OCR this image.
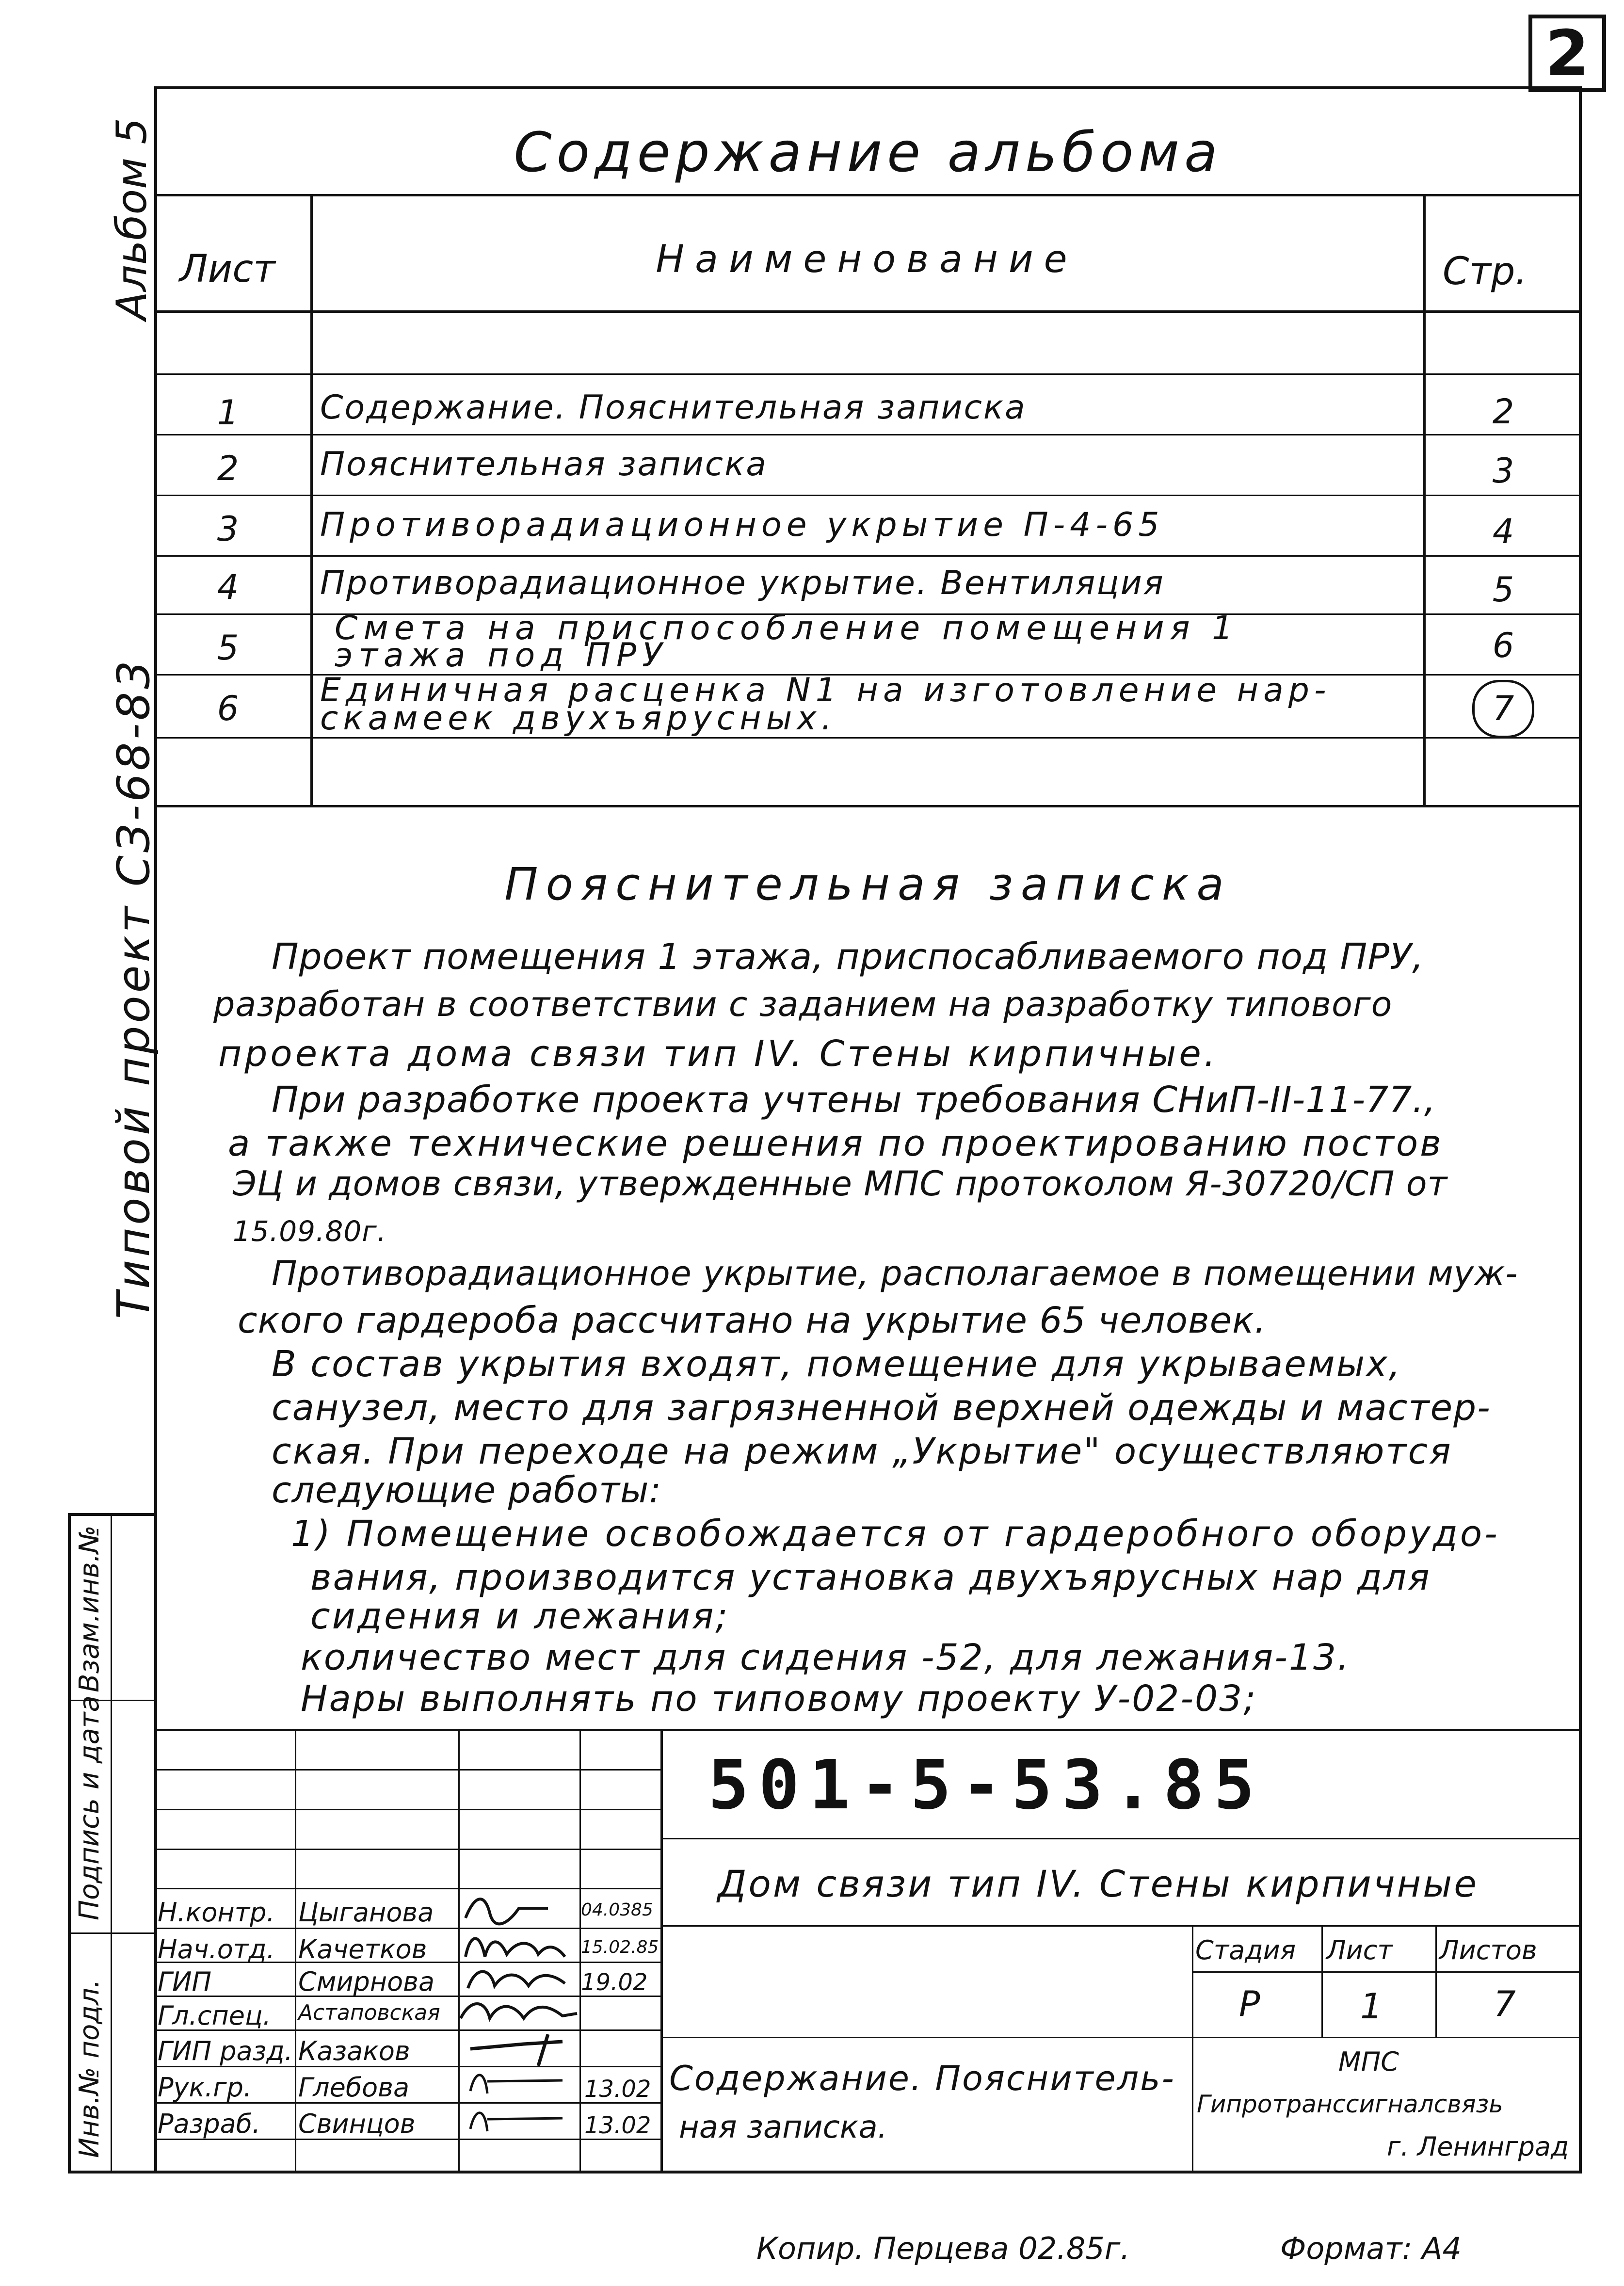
2
Альбом 5
Типовой проект СЗ-68-83
Взам.инв.№
Подпись и дата
Инв.№ подл.
Содержание альбома
Лист	Наименование	Стр.
1	Содержание. Пояснительная записка	2
2	Пояснительная записка	3
3	Противорадиационное укрытие П-4-65	4
4	Противорадиационное укрытие. Вентиляция	5
5	Смета на приспособление помещения 1 этажа под ПРУ	6
6	Единичная расценка N1 на изготовление нар-скамеек двухъярусных.	7
Пояснительная записка
Проект помещения 1 этажа, приспосабливаемого под ПРУ,
разработан в соответствии с заданием на разработку типового
проекта дома связи тип IV. Стены кирпичные.
При разработке проекта учтены требования СНиП-II-11-77.,
а также технические решения по проектированию постов
ЭЦ и домов связи, утвержденные МПС протоколом Я-30720/СП от
15.09.80г.
Противорадиационное укрытие, располагаемое в помещении муж-
ского гардероба рассчитано на укрытие 65 человек.
В состав укрытия входят, помещение для укрываемых,
санузел, место для загрязненной верхней одежды и мастер-
ская. При переходе на режим „Укрытие" осуществляются
следующие работы:
1) Помещение освобождается от гардеробного оборудо-
вания, производится установка двухъярусных нар для
сидения и лежания;
количество мест для сидения -52, для лежания-13.
Нары выполнять по типовому проекту У-02-03;
Н.контр. Цыганова	04.0385
Нач.отд. Качетков	15.02.85
ГИП	Смирнова	19.02
Гл.спец. Астаповская
ГИП разд. Казаков
Рук.гр. Глебова	13.02
Разраб. Свинцов	13.02
501-5-53.85
Дом связи тип IV. Стены кирпичные
Содержание. Пояснитель-
ная записка.
Стадия Лист Листов
Р	1	7
МПС
Гипротранссигналсвязь
г. Ленинград
Копир. Перцева 02.85г.	Формат: А4
